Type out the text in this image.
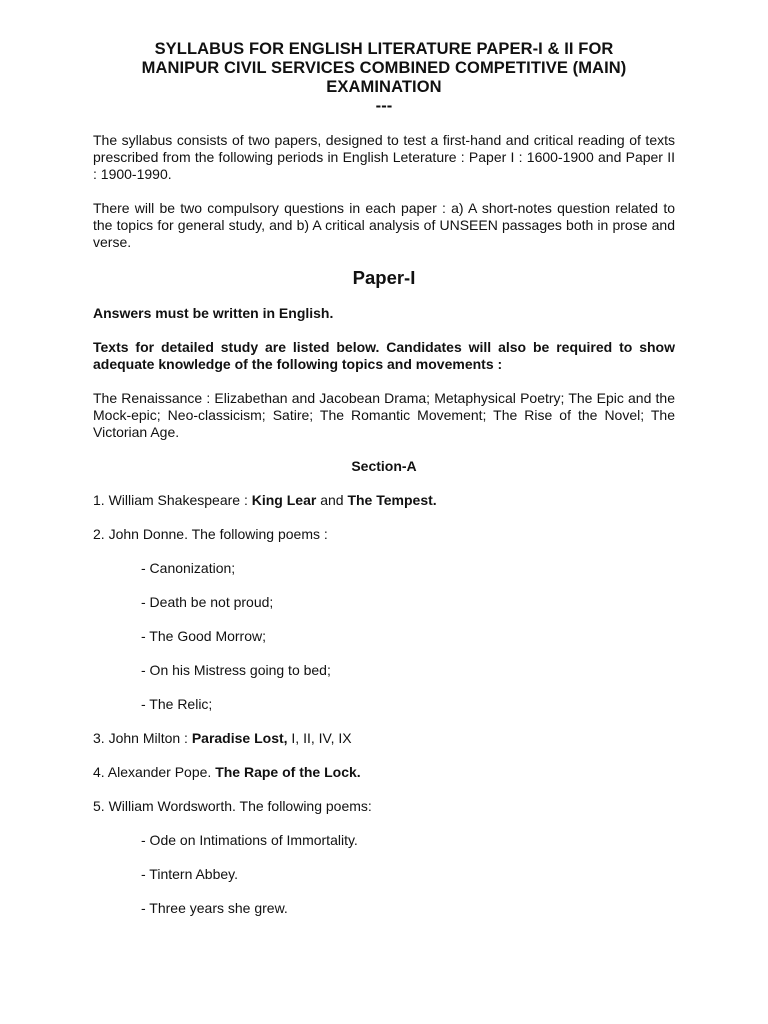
SYLLABUS FOR ENGLISH LITERATURE PAPER-I & II FOR
MANIPUR CIVIL SERVICES COMBINED COMPETITIVE (MAIN)
EXAMINATION
---

The syllabus consists of two papers, designed to test a first-hand and critical reading of texts prescribed from the following periods in English Leterature : Paper I : 1600-1900 and Paper II : 1900-1990.

There will be two compulsory questions in each paper : a) A short-notes question related to the topics for general study, and b) A critical analysis of UNSEEN passages both in prose and verse.

Paper-I

Answers must be written in English.

Texts for detailed study are listed below. Candidates will also be required to show adequate knowledge of the following topics and movements :

The Renaissance : Elizabethan and Jacobean Drama; Metaphysical Poetry; The Epic and the Mock-epic; Neo-classicism; Satire; The Romantic Movement; The Rise of the Novel; The Victorian Age.

Section-A
1. William Shakespeare : King Lear and The Tempest.
2. John Donne. The following poems :
- Canonization;
- Death be not proud;
- The Good Morrow;
- On his Mistress going to bed;
- The Relic;
3. John Milton : Paradise Lost, I, II, IV, IX
4. Alexander Pope. The Rape of the Lock.
5. William Wordsworth. The following poems:
- Ode on Intimations of Immortality.
- Tintern Abbey.
- Three years she grew.
